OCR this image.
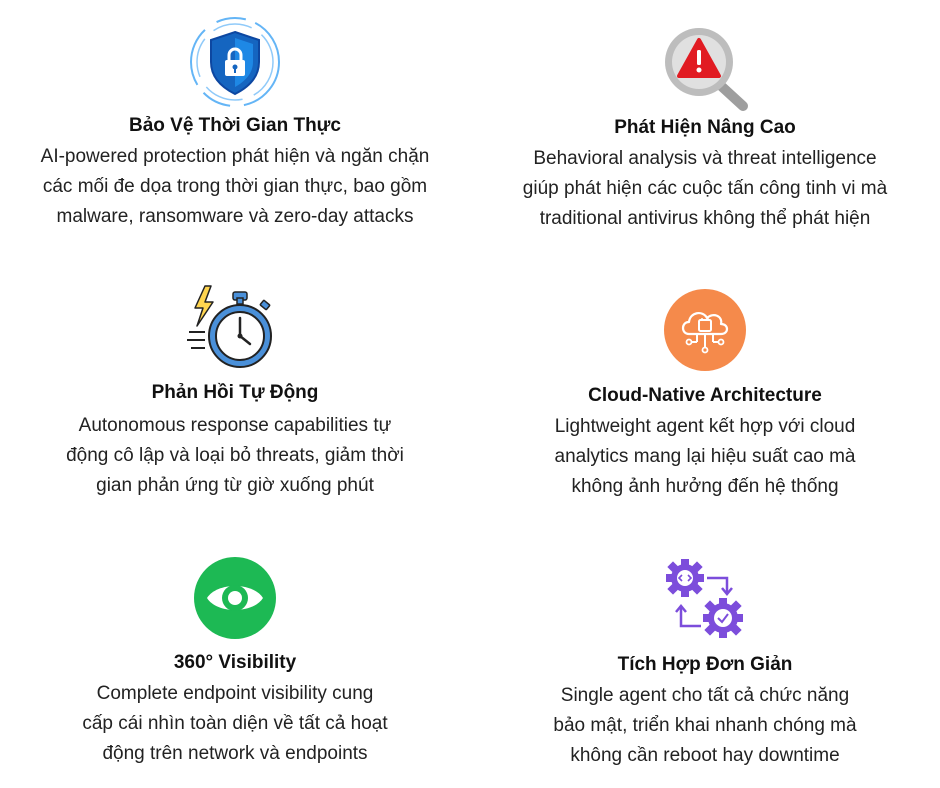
Bảo Vệ Thời Gian Thực

AI-powered protection phát hiện và ngăn chặn
các mối đe dọa trong thời gian thực, bao gồm
malware, ransomware và zero-day attacks

Phát Hiện Nâng Cao

Behavioral analysis và threat intelligence
giúp phát hiện các cuộc tấn công tinh vi mà
traditional antivirus không thể phát hiện

Phản Hồi Tự Động

Autonomous response capabilities tự
động cô lập và loại bỏ threats, giảm thời
gian phản ứng từ giờ xuống phút

Cloud-Native Architecture

Lightweight agent kết hợp với cloud
analytics mang lại hiệu suất cao mà
không ảnh hưởng đến hệ thống

360° Visibility

Complete endpoint visibility cung
cấp cái nhìn toàn diện về tất cả hoạt
động trên network và endpoints

Tích Hợp Đơn Giản

Single agent cho tất cả chức năng
bảo mật, triển khai nhanh chóng mà
không cần reboot hay downtime
